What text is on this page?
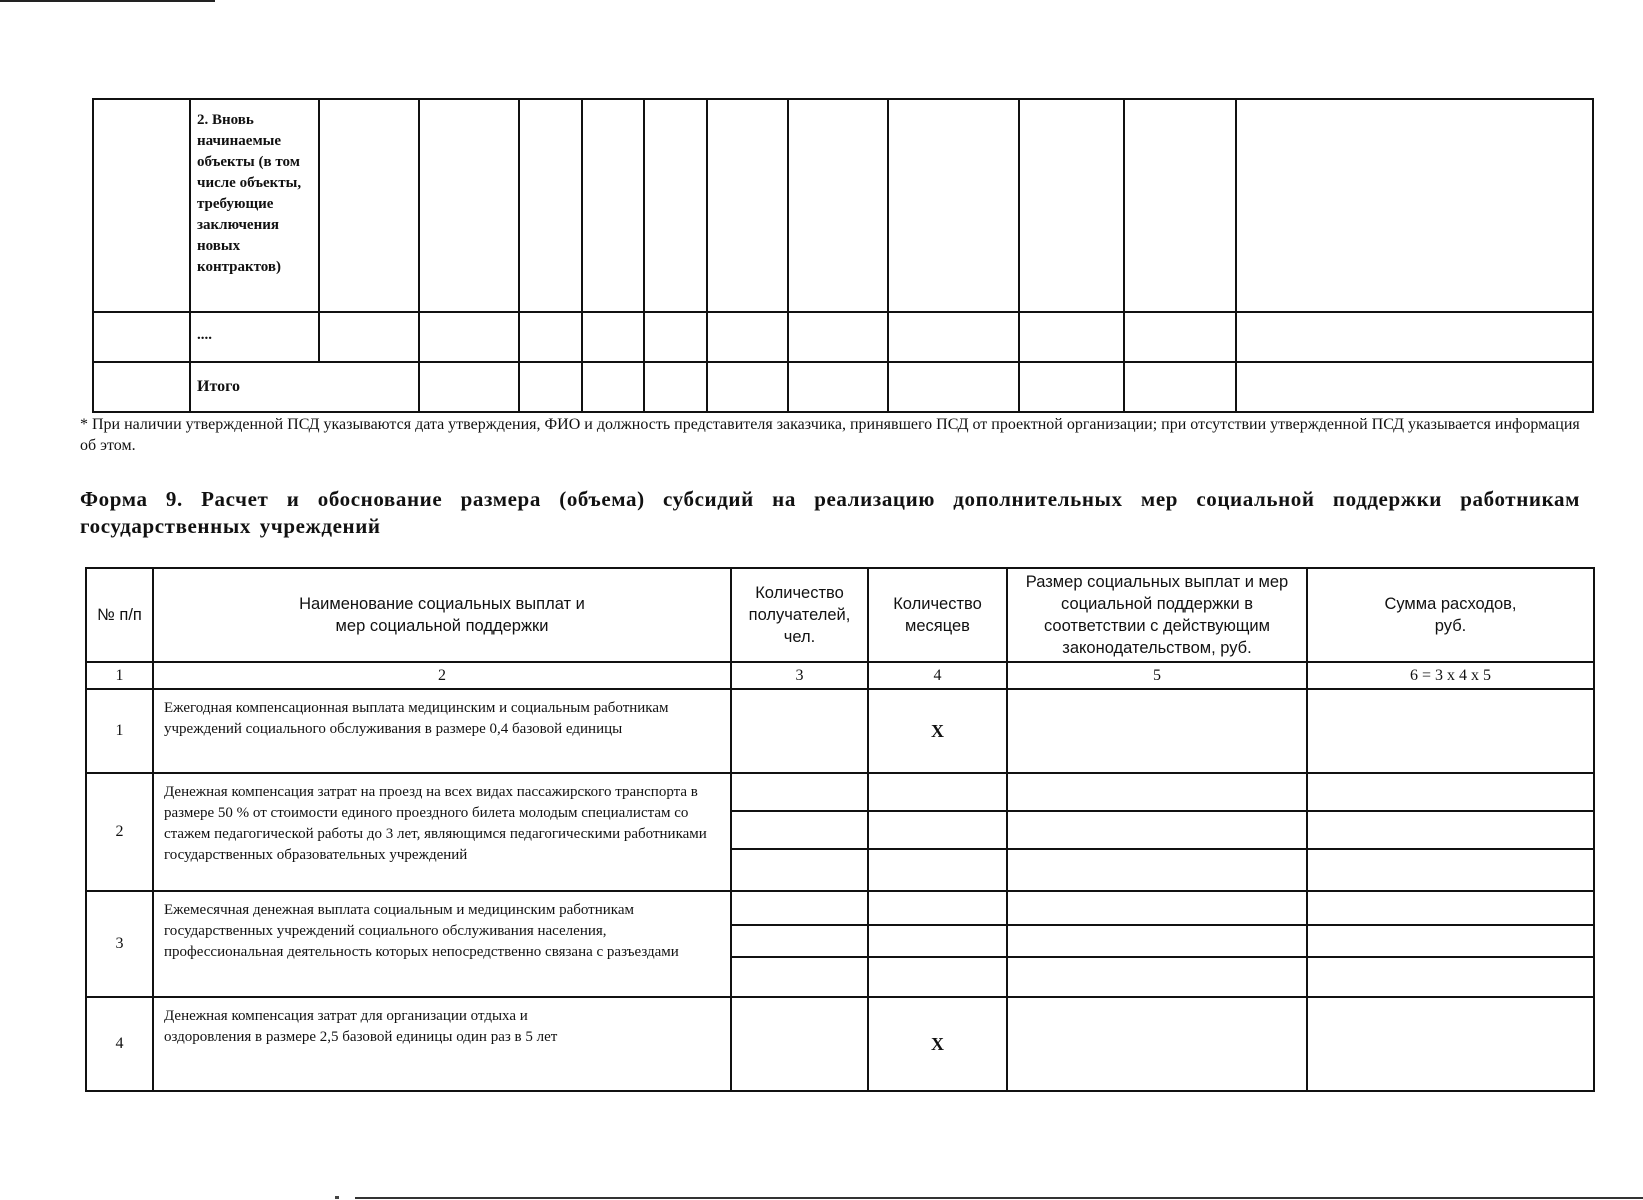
	2. Вновь начинаемые объекты (в том числе объекты, требующие заключения новых контрактов)											

	....											

	Итого											

* При наличии утвержденной ПСД указываются дата утверждения, ФИО и должность представителя заказчика, принявшего ПСД от проектной организации; при отсутствии утвержденной ПСД указывается информация об этом.
Форма 9. Расчет и обоснование размера (объема) субсидий на реализацию дополнительных мер социальной поддержки работникам государственных учреждений
№ п/п	Наименование социальных выплат и мер социальной поддержки	Количество получателей, чел.	Количество месяцев	Размер социальных выплат и мер социальной поддержки в соответствии с действующим законодательством, руб.	Сумма расходов, руб.
1	2	3	4	5	6 = 3 x 4 x 5
1	Ежегодная компенсационная выплата медицинским и социальным работникам учреждений социального обслуживания в размере 0,4 базовой единицы		X		
2	Денежная компенсация затрат на проезд на всех видах пассажирского транспорта в размере 50 % от стоимости единого проездного билета молодым специалистам со стажем педагогической работы до 3 лет, являющимся педагогическими работниками государственных образовательных учреждений				

3	Ежемесячная денежная выплата социальным и медицинским работникам государственных учреждений социального обслуживания населения, профессиональная деятельность которых непосредственно связана с разъездами				

4	Денежная компенсация затрат для организации отдыха и оздоровления в размере 2,5 базовой единицы один раз в 5 лет		X		
